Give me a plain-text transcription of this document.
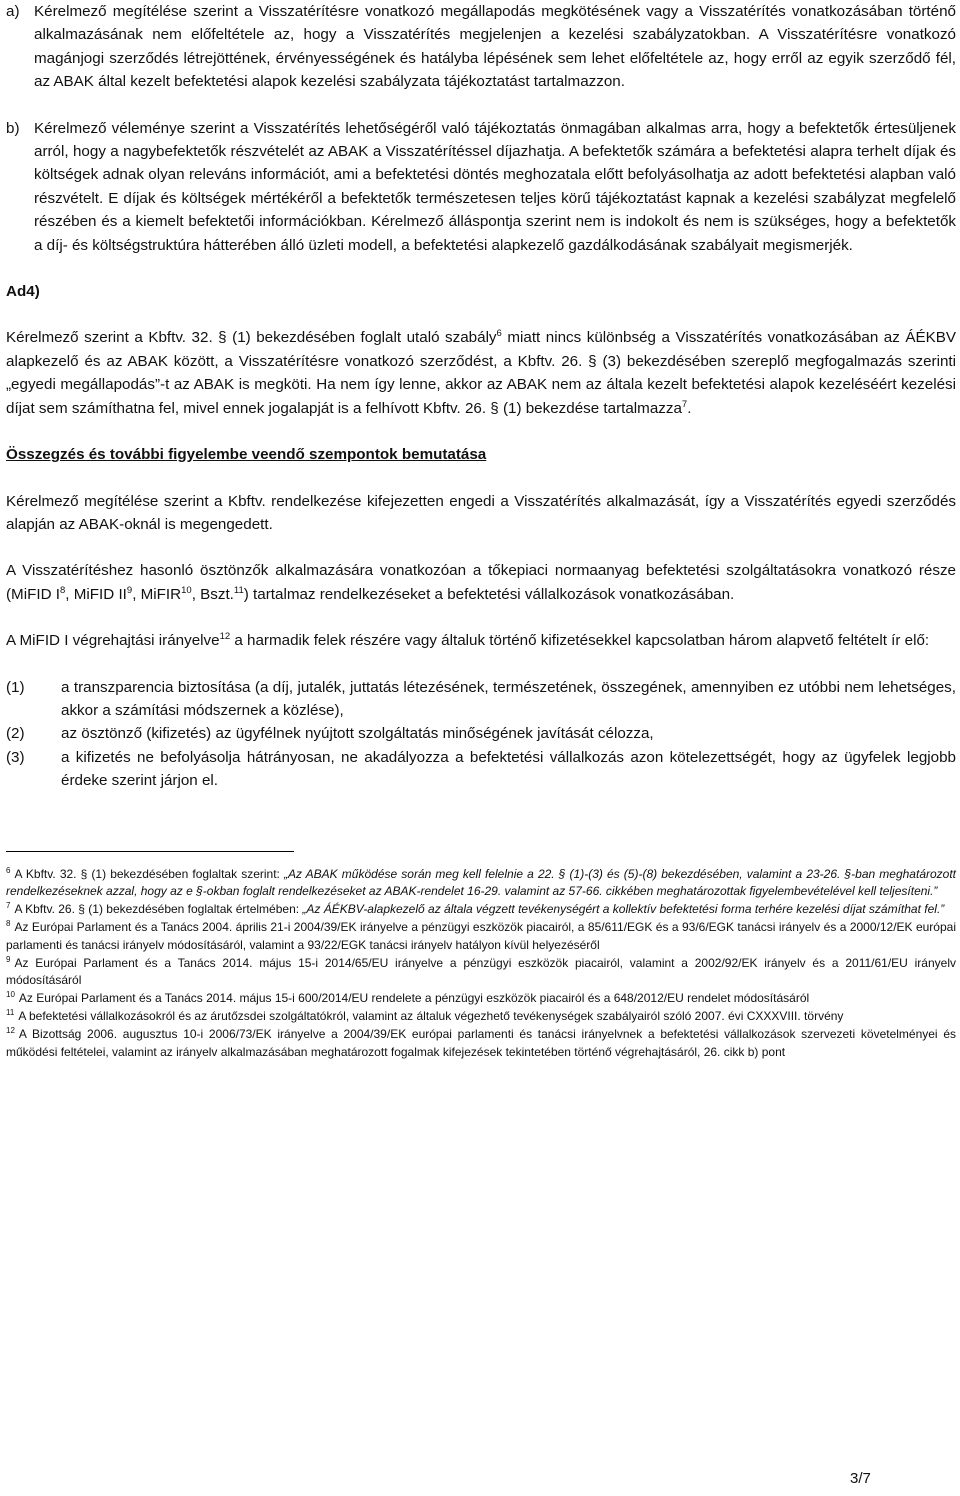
a) Kérelmező megítélése szerint a Visszatérítésre vonatkozó megállapodás megkötésének vagy a Visszatérítés vonatkozásában történő alkalmazásának nem előfeltétele az, hogy a Visszatérítés megjelenjen a kezelési szabályzatokban. A Visszatérítésre vonatkozó magánjogi szerződés létrejöttének, érvényességének és hatályba lépésének sem lehet előfeltétele az, hogy erről az egyik szerződő fél, az ABAK által kezelt befektetési alapok kezelési szabályzata tájékoztatást tartalmazzon.

b) Kérelmező véleménye szerint a Visszatérítés lehetőségéről való tájékoztatás önmagában alkalmas arra, hogy a befektetők értesüljenek arról, hogy a nagybefektetők részvételét az ABAK a Visszatérítéssel díjazhatja. A befektetők számára a befektetési alapra terhelt díjak és költségek adnak olyan releváns információt, ami a befektetési döntés meghozatala előtt befolyásolhatja az adott befektetési alapban való részvételt. E díjak és költségek mértékéről a befektetők természetesen teljes körű tájékoztatást kapnak a kezelési szabályzat megfelelő részében és a kiemelt befektetői információkban. Kérelmező álláspontja szerint nem is indokolt és nem is szükséges, hogy a befektetők a díj- és költségstruktúra hátterében álló üzleti modell, a befektetési alapkezelő gazdálkodásának szabályait megismerjék.

Ad4)

Kérelmező szerint a Kbftv. 32. § (1) bekezdésében foglalt utaló szabály$^6$ miatt nincs különbség a Visszatérítés vonatkozásában az ÁÉKBV alapkezelő és az ABAK között, a Visszatérítésre vonatkozó szerződést, a Kbftv. 26. § (3) bekezdésében szereplő megfogalmazás szerinti „egyedi megállapodás”-t az ABAK is megköti. Ha nem így lenne, akkor az ABAK nem az általa kezelt befektetési alapok kezeléséért kezelési díjat sem számíthatna fel, mivel ennek jogalapját is a felhívott Kbftv. 26. § (1) bekezdése tartalmazza$^7$.

Összegzés és további figyelembe veendő szempontok bemutatása

Kérelmező megítélése szerint a Kbftv. rendelkezése kifejezetten engedi a Visszatérítés alkalmazását, így a Visszatérítés egyedi szerződés alapján az ABAK-oknál is megengedett.

A Visszatérítéshez hasonló ösztönzők alkalmazására vonatkozóan a tőkepiaci normaanyag befektetési szolgáltatásokra vonatkozó része (MiFID $I^8$, MiFID $II^9$, MiFIR$^{10}$, Bszt.$^{11}$) tartalmaz rendelkezéseket a befektetési vállalkozások vonatkozásában.

A MiFID I végrehajtási irányelve$^{12}$ a harmadik felek részére vagy általuk történő kifizetésekkel kapcsolatban három alapvető feltételt ír elő:

(1) a transzparencia biztosítása (a díj, jutalék, juttatás létezésének, természetének, összegének, amennyiben ez utóbbi nem lehetséges, akkor a számítási módszernek a közlése),
(2) az ösztönző (kifizetés) az ügyfélnek nyújtott szolgáltatás minőségének javítását célozza,
(3) a kifizetés ne befolyásolja hátrányosan, ne akadályozza a befektetési vállalkozás azon kötelezettségét, hogy az ügyfelek legjobb érdeke szerint járjon el.

$^6$ A Kbftv. 32. § (1) bekezdésében foglaltak szerint: „Az ABAK működése során meg kell felelnie a 22. § (1)-(3) és (5)-(8) bekezdésében, valamint a 23-26. §-ban meghatározott rendelkezéseknek azzal, hogy az e §-okban foglalt rendelkezéseket az ABAK-rendelet 16-29. valamint az 57-66. cikkében meghatározottak figyelembevételével kell teljesíteni.”

$^7$ A Kbftv. 26. § (1) bekezdésében foglaltak értelmében: „Az ÁÉKBV-alapkezelő az általa végzett tevékenységért a kollektív befektetési forma terhére kezelési díjat számíthat fel.”

$^8$ Az Európai Parlament és a Tanács 2004. április 21-i 2004/39/EK irányelve a pénzügyi eszközök piacairól, a 85/611/EGK és a 93/6/EGK tanácsi irányelv és a 2000/12/EK európai parlamenti és tanácsi irányelv módosításáról, valamint a 93/22/EGK tanácsi irányelv hatályon kívül helyezéséről

$^9$ Az Európai Parlament és a Tanács 2014. május 15-i 2014/65/EU irányelve a pénzügyi eszközök piacairól, valamint a 2002/92/EK irányelv és a 2011/61/EU irányelv módosításáról

$^{10}$ Az Európai Parlament és a Tanács 2014. május 15-i 600/2014/EU rendelete a pénzügyi eszközök piacairól és a 648/2012/EU rendelet módosításáról

$^{11}$ A befektetési vállalkozásokról és az árutőzsdei szolgáltatókról, valamint az általuk végezhető tevékenységek szabályairól szóló 2007. évi CXXXVIII. törvény

$^{12}$ A Bizottság 2006. augusztus 10-i 2006/73/EK irányelve a 2004/39/EK európai parlamenti és tanácsi irányelvnek a befektetési vállalkozások szervezeti követelményei és működési feltételei, valamint az irányelv alkalmazásában meghatározott fogalmak kifejezések tekintetében történő végrehajtásáról, 26. cikk b) pont

3/7
